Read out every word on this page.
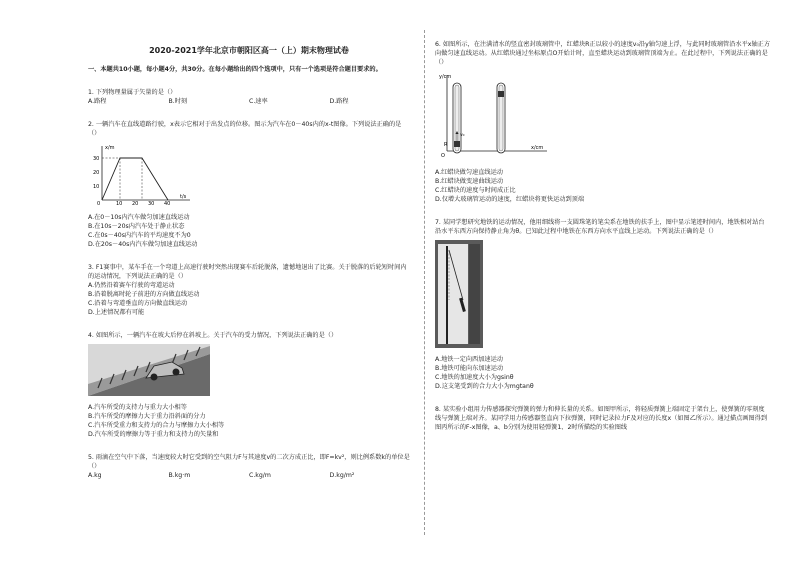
2020-2021学年北京市朝阳区高一（上）期末物理试卷
一、本题共10小题，每小题4分，共30分。在每小题给出的四个选项中，只有一个选项是符合题目要求的。
1. 下列物理量属于矢量的是（）
A.路程	B.时刻	C.速率	D.路程
2. 一辆汽车在直线道路行驶，x表示它相对于出发点的位移。图示为汽车在0－40s内的x-t图像。下列说法正确的是（）
x/m
t/s
30
20
10
0	10 20 30 40
A.在0－10s内汽车做匀加速直线运动
B.在10s－20s内汽车处于静止状态
C.在0s－40s内汽车的平均速度不为0
D.在20s－40s内汽车做匀加速直线运动
3. F1赛事中，某车手在一个弯道上高速行驶时突然出现赛车后轮脱落，遗憾地退出了比赛。关于脱落的后轮短时间内的运动情况，下列说法正确的是（）
A.仍然沿着赛车行驶的弯道运动
B.沿着脱离时轮子前进的方向做直线运动
C.沿着与弯道垂直的方向做直线运动
D.上述情况都有可能
4. 如图所示，一辆汽车在坡大后停在斜坡上。关于汽车的受力情况，下列说法正确的是（）
A.汽车所受的支持力与重力大小相等
B.汽车所受的摩擦力大于重力沿斜面的分力
C.汽车所受重力和支持力的合力与摩擦力大小相等
D.汽车所受的摩擦力等于重力和支持力的矢量和
5. 雨滴在空气中下落，当速度较大时它受到的空气阻力F与其速度v的二次方成正比，即F=kv²，则比例系数k的单位是（）
A.kg	B.kg·m	C.kg/m	D.kg/m²
6. 如图所示，在注满清水的竖直密封玻璃管中，红蜡块R正以较小的速度v₀沿y轴匀速上浮，与此同时玻璃管沿水平x轴正方向做匀速直线运动。从红蜡块通过坐标原点O开始计时，直至蜡块运动到玻璃管顶端为止。在此过程中，下列说法正确的是（）
y/cm
x/cm
O
R
v₀
A.红蜡块做匀速直线运动
B.红蜡块做变速曲线运动
C.红蜡块的速度与时间成正比
D.仅增大玻璃管运动的速度，红蜡块将更快运动到顶端
7. 某同学想研究地铁的运动情况，他用细线将一支圆珠笔的笔尖系在地铁的扶手上，图中显示笔迹时间内，地铁相对站台沿水平东西方向保持静止角为θ。已知此过程中地铁在东西方向水平直线上运动。下列说法正确的是（）
A.地铁一定向西加速运动
B.地铁可能向东加速运动
C.地铁的加速度大小为gsinθ
D.这支笔受到的合力大小为mgtanθ
8. 某实验小组用力传感器探究弹簧的弹力和伸长量的关系。如图甲所示，将轻质弹簧上端固定于架台上，使弹簧的零刻度线与弹簧上端对齐。某同学用力传感器竖直向下拉弹簧，同时记录拉力F及对应的长度x（如图乙所示）。通过描点画图得到图丙所示的F-x图像，a、b分别为使用轻弹簧1、2时所描绘的实验图线
